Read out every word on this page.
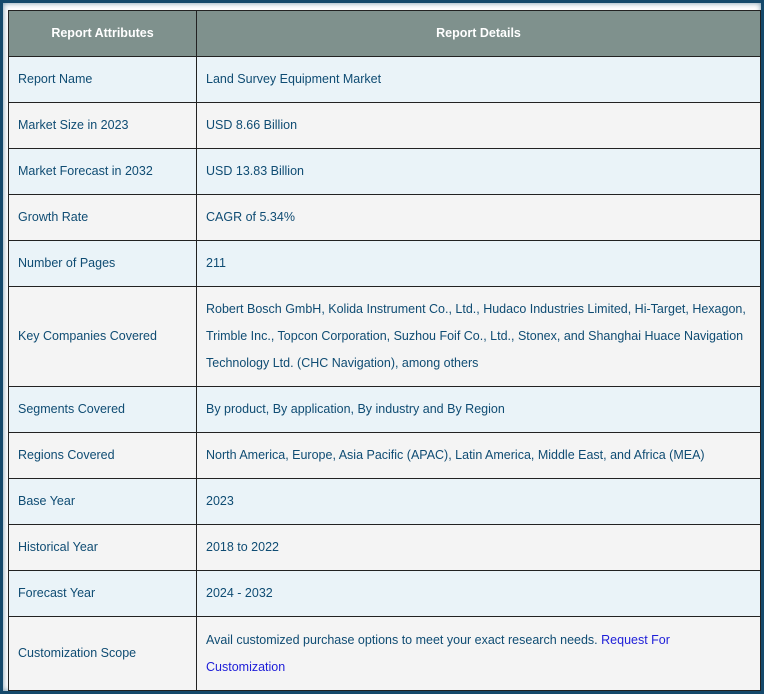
Report Attributes	Report Details
Report Name	Land Survey Equipment Market
Market Size in 2023	USD 8.66 Billion
Market Forecast in 2032	USD 13.83 Billion
Growth Rate	CAGR of 5.34%
Number of Pages	211
Key Companies Covered	Robert Bosch GmbH, Kolida Instrument Co., Ltd., Hudaco Industries Limited, Hi-Target, Hexagon, Trimble Inc., Topcon Corporation, Suzhou Foif Co., Ltd., Stonex, and Shanghai Huace Navigation Technology Ltd. (CHC Navigation), among others
Segments Covered	By product, By application, By industry and By Region
Regions Covered	North America, Europe, Asia Pacific (APAC), Latin America, Middle East, and Africa (MEA)
Base Year	2023
Historical Year	2018 to 2022
Forecast Year	2024 - 2032
Customization Scope	Avail customized purchase options to meet your exact research needs. Request For Customization
